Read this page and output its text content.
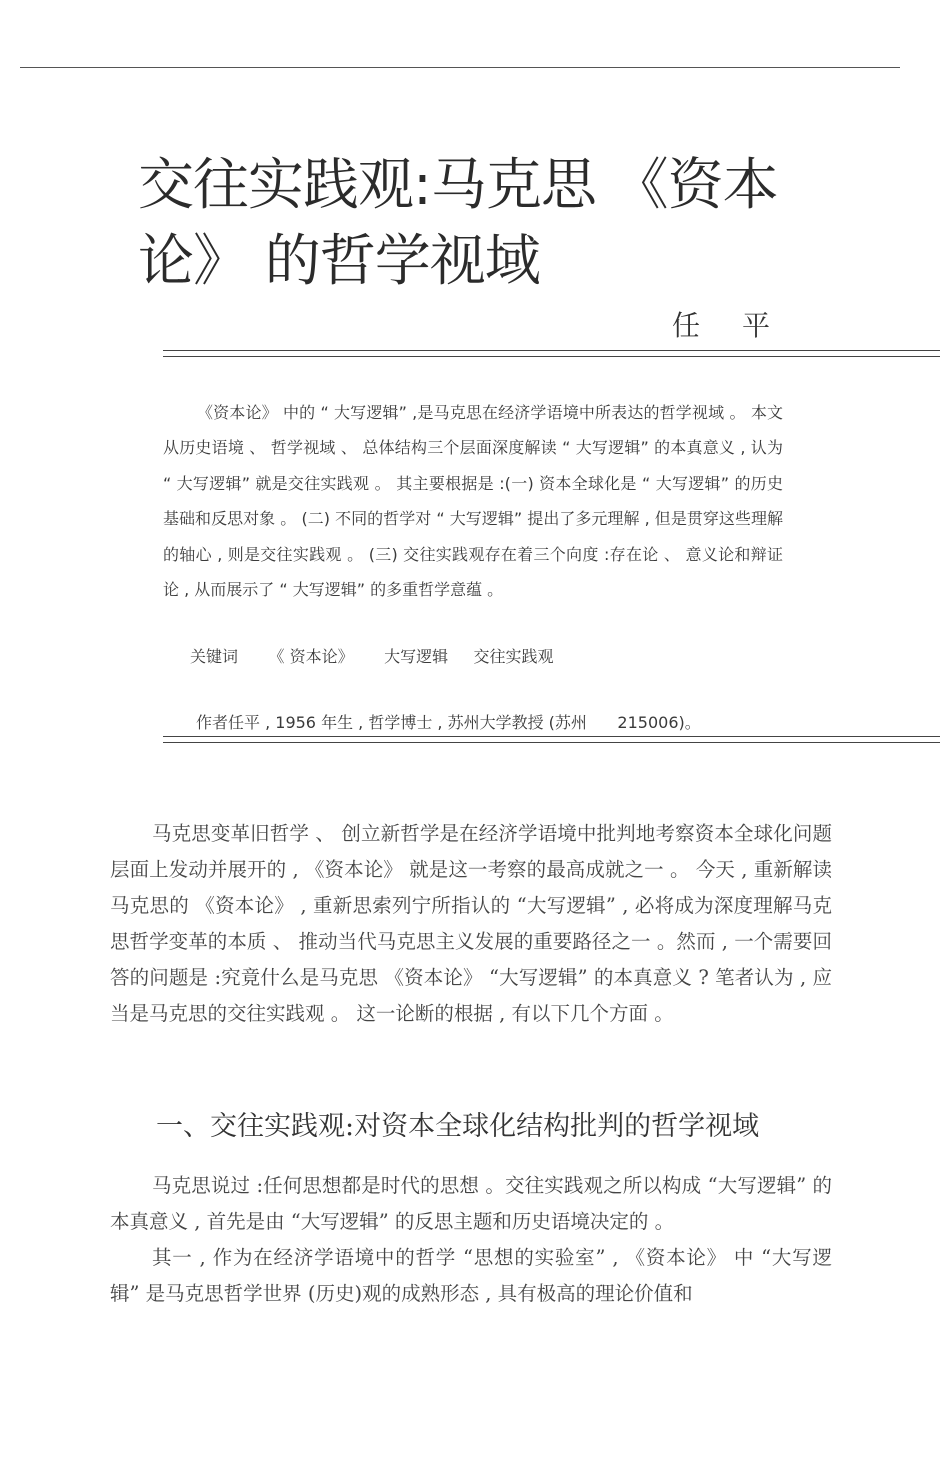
交往实践观:马克思 《资本论》 的哲学视域
任平

《资本论》 中的 “ 大写逻辑” ,是马克思在经济学语境中所表达的哲学视域 。 本文从历史语境 、 哲学视域 、 总体结构三个层面深度解读 “ 大写逻辑” 的本真意义 , 认为 “ 大写逻辑” 就是交往实践观 。 其主要根据是 :(一) 资本全球化是 “ 大写逻辑” 的历史基础和反思对象 。 (二) 不同的哲学对 “ 大写逻辑” 提出了多元理解 , 但是贯穿这些理解的轴心 , 则是交往实践观 。 (三) 交往实践观存在着三个向度 :存在论 、 意义论和辩证论 , 从而展示了 “ 大写逻辑” 的多重哲学意蕴 。

关键词      《 资本论》      大写逻辑     交往实践观
作者任平 , 1956 年生 , 哲学博士 , 苏州大学教授 (苏州      215006)。

马克思变革旧哲学 、 创立新哲学是在经济学语境中批判地考察资本全球化问题层面上发动并展开的 , 《资本论》 就是这一考察的最高成就之一 。 今天 , 重新解读马克思的 《资本论》 , 重新思索列宁所指认的 “大写逻辑” , 必将成为深度理解马克思哲学变革的本质 、 推动当代马克思主义发展的重要路径之一 。然而 , 一个需要回答的问题是 :究竟什么是马克思 《资本论》 “大写逻辑” 的本真意义 ? 笔者认为 , 应当是马克思的交往实践观 。 这一论断的根据 , 有以下几个方面 。

一、交往实践观:对资本全球化结构批判的哲学视域

马克思说过 :任何思想都是时代的思想 。交往实践观之所以构成 “大写逻辑” 的本真意义 , 首先是由 “大写逻辑” 的反思主题和历史语境决定的 。

其一 , 作为在经济学语境中的哲学 “思想的实验室” , 《资本论》 中 “大写逻辑” 是马克思哲学世界 (历史)观的成熟形态 , 具有极高的理论价值和
